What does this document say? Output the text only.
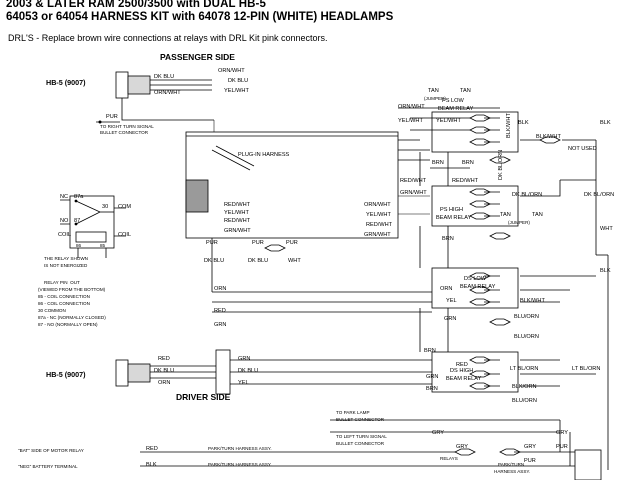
2003 & LATER RAM 2500/3500 with DUAL HB-5
64053 or 64054 HARNESS KIT with 64078 12-PIN (WHITE) HEADLAMPS
DRL'S - Replace brown wire connections at relays with DRL Kit pink connectors.
PASSENGER SIDE
DRIVER SIDE
HB-5 (9007)
HB-5 (9007)
DK BLU
ORN/WHT
ORN/WHT
DK BLU
YEL/WHT
PUR
TO RIGHT TURN SIGNAL
BULLET CONNECTOR
PLUG-IN HARNESS
RED/WHT
YEL/WHT
RED/WHT
GRN/WHT
ORN/WHT
YEL/WHT
RED/WHT
GRN/WHT
PUR	PUR	PUR
DK BLU	DK BLU	WHT
NC
NO
87a
87
30 COM
COIL	COIL
86	85
THE RELAY SHOWN
IS NOT ENERGIZED
RELAY PIN  OUT
(VIEWED FROM THE BOTTOM)
85 - COIL CONNECTION
86 - COIL CONNECTION
30 COMMON
87a - NC (NORMALLY CLOSED)
87 - NO (NORMALLY OPEN)
PS LOW
BEAM RELAY
PS HIGH
BEAM RELAY
DS LOW
BEAM RELAY
DS HIGH
BEAM RELAY
ORN/WHT
TAN	TAN
(JUMPER)
YEL/WHT YEL/WHT	BLK	BLK
BLK/WHT
NOT USED
BLK/WHT
DK BL/ORN
BRN	BRN
RED/WHT	RED/WHT
GRN/WHT	DK BL/ORN	DK BL/ORN
TAN	TAN
(JUMPER)
BRN
WHT
ORN
RED
GRN
ORN
YEL
GRN
BLK/WHT
BLK
BLU/ORN
BLU/ORN
RED	GRN
DK BLU	DK BLU
ORN	YEL
BRN
RED
GRN
BRN
LT BL/ORN	LT BL/ORN
BLK/ORN
BLU/ORN
TO PARK LAMP
BULLET CONNECTOR
TO LEFT TURN SIGNAL
BULLET CONNECTOR
GRY
GRY	GRY
GRY
PUR
PUR
RELAYS
PARK/TURN
HARNESS ASSY.
"BAT" SIDE OF MOTOR RELAY
"NEG" BATTERY TERMINAL
RED
BLK
PARK/TURN HARNESS ASSY.
PARK/TURN HARNESS ASSY.
